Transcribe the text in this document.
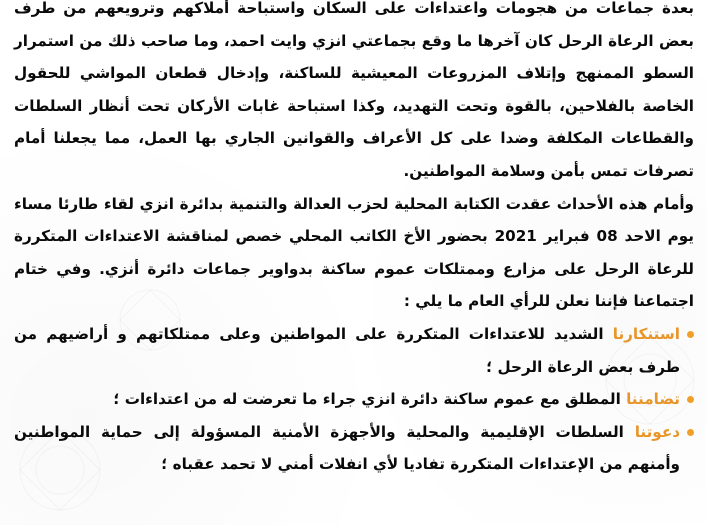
بعدة جماعات من هجومات واعتداءات على السكان واستباحة أملاكهم وترويعهم من طرف بعض الرعاة الرحل كان آخرها ما وقع بجماعتي انزي وايت احمد، وما صاحب ذلك من استمرار السطو الممنهج وإتلاف المزروعات المعيشية للساكنة، وإدخال قطعان المواشي للحقول الخاصة بالفلاحين، بالقوة وتحت التهديد، وكذا استباحة غابات الأركان تحت أنظار السلطات والقطاعات المكلفة وضدا على كل الأعراف والقوانين الجاري بها العمل، مما يجعلنا أمام تصرفات تمس بأمن وسلامة المواطنين.

وأمام هذه الأحداث عقدت الكتابة المحلية لحزب العدالة والتنمية بدائرة انزي لقاء طارئا مساء يوم الاحد 08 فبراير 2021 بحضور الأخ الكاتب المحلي خصص لمناقشة الاعتداءات المتكررة للرعاة الرحل على مزارع وممتلكات عموم ساكنة بدواوير جماعات دائرة أنزي. وفي ختام اجتماعنا فإننا نعلن للرأي العام ما يلي :

استنكارنا الشديد للاعتداءات المتكررة على المواطنين وعلى ممتلكاتهم و أراضيهم من طرف بعض الرعاة الرحل ؛

تضامننا المطلق مع عموم ساكنة دائرة انزي جراء ما تعرضت له من اعتداءات ؛

دعوتنا السلطات الإقليمية والمحلية والأجهزة الأمنية المسؤولة إلى حماية المواطنين وأمنهم من الإعتداءات المتكررة تفاديا لأي انفلات أمني لا تحمد عقباه ؛
